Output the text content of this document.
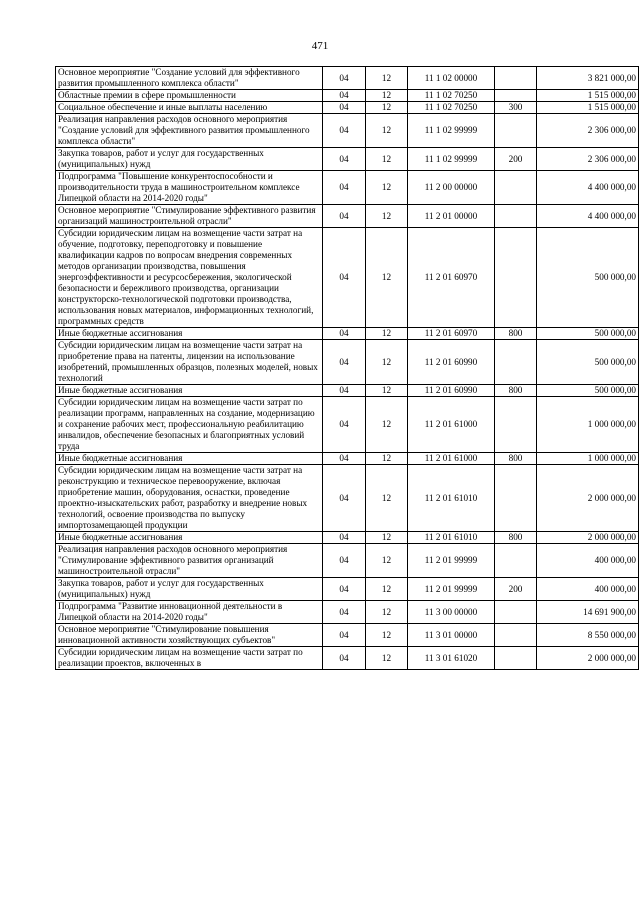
471
Основное мероприятие "Создание условий для эффективного развития промышленного комплекса области"	04	12	11 1 02 00000		3 821 000,00
Областные премии в сфере промышленности	04	12	11 1 02 70250		1 515 000,00
Социальное обеспечение и иные выплаты населению	04	12	11 1 02 70250	300	1 515 000,00
Реализация направления расходов основного мероприятия "Создание условий для эффективного развития промышленного комплекса области"	04	12	11 1 02 99999		2 306 000,00
Закупка товаров, работ и услуг для государственных (муниципальных) нужд	04	12	11 1 02 99999	200	2 306 000,00
Подпрограмма "Повышение конкурентоспособности и производительности труда в машиностроительном комплексе Липецкой области на 2014-2020 годы"	04	12	11 2 00 00000		4 400 000,00
Основное мероприятие "Стимулирование эффективного развития организаций машиностроительной отрасли"	04	12	11 2 01 00000		4 400 000,00
Субсидии юридическим лицам на возмещение части затрат на обучение, подготовку, переподготовку и повышение квалификации кадров по вопросам внедрения современных методов организации производства, повышения энергоэффективности и ресурсосбережения, экологической безопасности и бережливого производства, организации конструкторско-технологической подготовки производства, использования новых материалов, информационных технологий, программных средств	04	12	11 2 01 60970		500 000,00
Иные бюджетные ассигнования	04	12	11 2 01 60970	800	500 000,00
Субсидии юридическим лицам на возмещение части затрат на приобретение права на патенты, лицензии на использование изобретений, промышленных образцов, полезных моделей, новых технологий	04	12	11 2 01 60990		500 000,00
Иные бюджетные ассигнования	04	12	11 2 01 60990	800	500 000,00
Субсидии юридическим лицам на возмещение части затрат по реализации программ, направленных на создание, модернизацию и сохранение рабочих мест, профессиональную реабилитацию инвалидов, обеспечение безопасных и благоприятных условий труда	04	12	11 2 01 61000		1 000 000,00
Иные бюджетные ассигнования	04	12	11 2 01 61000	800	1 000 000,00
Субсидии юридическим лицам на возмещение части затрат на реконструкцию и техническое перевооружение, включая приобретение машин, оборудования, оснастки, проведение проектно-изыскательских работ, разработку и внедрение новых технологий, освоение производства по выпуску импортозамещающей продукции	04	12	11 2 01 61010		2 000 000,00
Иные бюджетные ассигнования	04	12	11 2 01 61010	800	2 000 000,00
Реализация направления расходов основного мероприятия "Стимулирование эффективного развития организаций машиностроительной отрасли"	04	12	11 2 01 99999		400 000,00
Закупка товаров, работ и услуг для государственных (муниципальных) нужд	04	12	11 2 01 99999	200	400 000,00
Подпрограмма "Развитие инновационной деятельности в Липецкой области на 2014-2020 годы"	04	12	11 3 00 00000		14 691 900,00
Основное мероприятие "Стимулирование повышения инновационной активности хозяйствующих субъектов"	04	12	11 3 01 00000		8 550 000,00
Субсидии юридическим лицам на возмещение части затрат по реализации проектов, включенных в	04	12	11 3 01 61020		2 000 000,00
